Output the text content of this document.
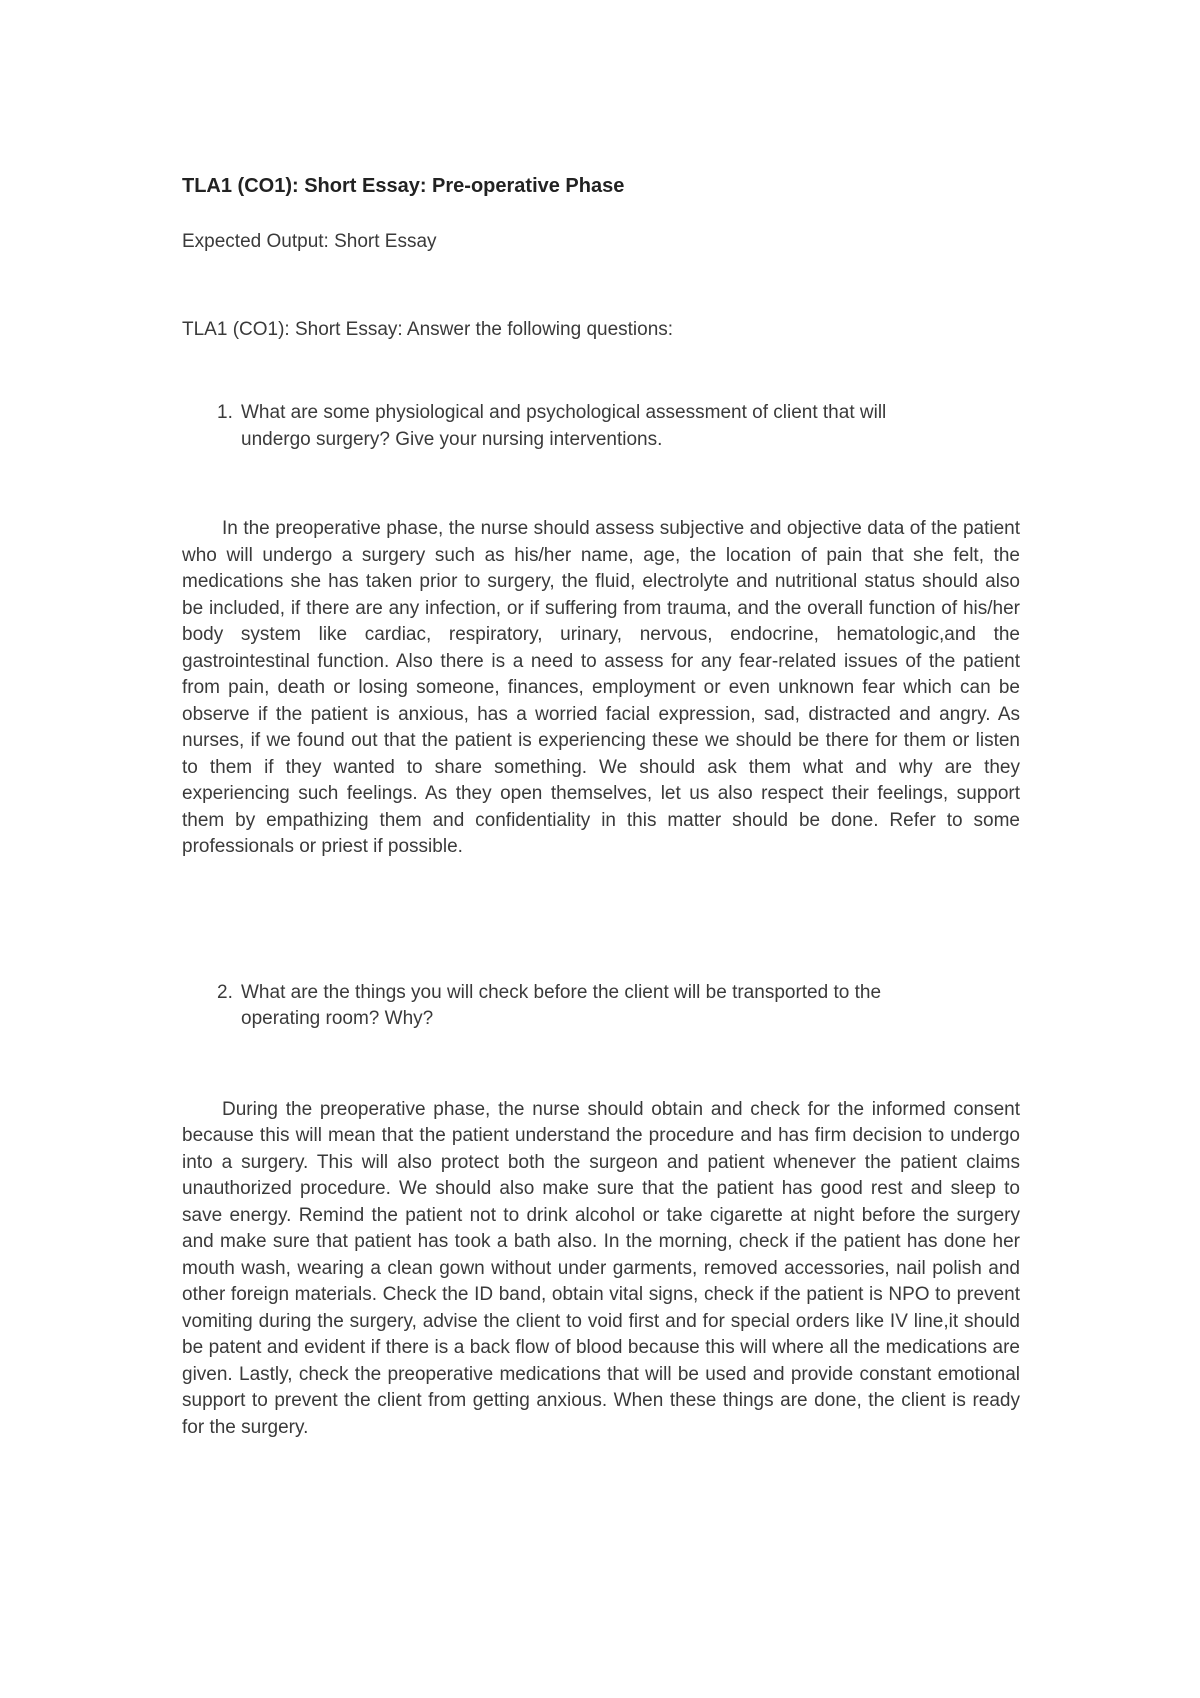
TLA1 (CO1): Short Essay: Pre-operative Phase

Expected Output: Short Essay

TLA1 (CO1): Short Essay: Answer the following questions:

1. What are some physiological and psychological assessment of client that will undergo surgery? Give your nursing interventions.

In the preoperative phase, the nurse should assess subjective and objective data of the patient who will undergo a surgery such as his/her name, age, the location of pain that she felt, the medications she has taken prior to surgery, the fluid, electrolyte and nutritional status should also be included, if there are any infection, or if suffering from trauma, and the overall function of his/her body system like cardiac, respiratory, urinary, nervous, endocrine, hematologic,and the gastrointestinal function. Also there is a need to assess for any fear-related issues of the patient from pain, death or losing someone, finances, employment or even unknown fear which can be observe if the patient is anxious, has a worried facial expression, sad, distracted and angry. As nurses, if we found out that the patient is experiencing these we should be there for them or listen to them if they wanted to share something. We should ask them what and why are they experiencing such feelings. As they open themselves, let us also respect their feelings, support them by empathizing them and confidentiality in this matter should be done. Refer to some professionals or priest if possible.

2. What are the things you will check before the client will be transported to the operating room? Why?

During the preoperative phase, the nurse should obtain and check for the informed consent because this will mean that the patient understand the procedure and has firm decision to undergo into a surgery. This will also protect both the surgeon and patient whenever the patient claims unauthorized procedure. We should also make sure that the patient has good rest and sleep to save energy. Remind the patient not to drink alcohol or take cigarette at night before the surgery and make sure that patient has took a bath also. In the morning, check if the patient has done her mouth wash, wearing a clean gown without under garments, removed accessories, nail polish and other foreign materials. Check the ID band, obtain vital signs, check if the patient is NPO to prevent vomiting during the surgery, advise the client to void first and for special orders like IV line,it should be patent and evident if there is a back flow of blood because this will where all the medications are given. Lastly, check the preoperative medications that will be used and provide constant emotional support to prevent the client from getting anxious. When these things are done, the client is ready for the surgery.
